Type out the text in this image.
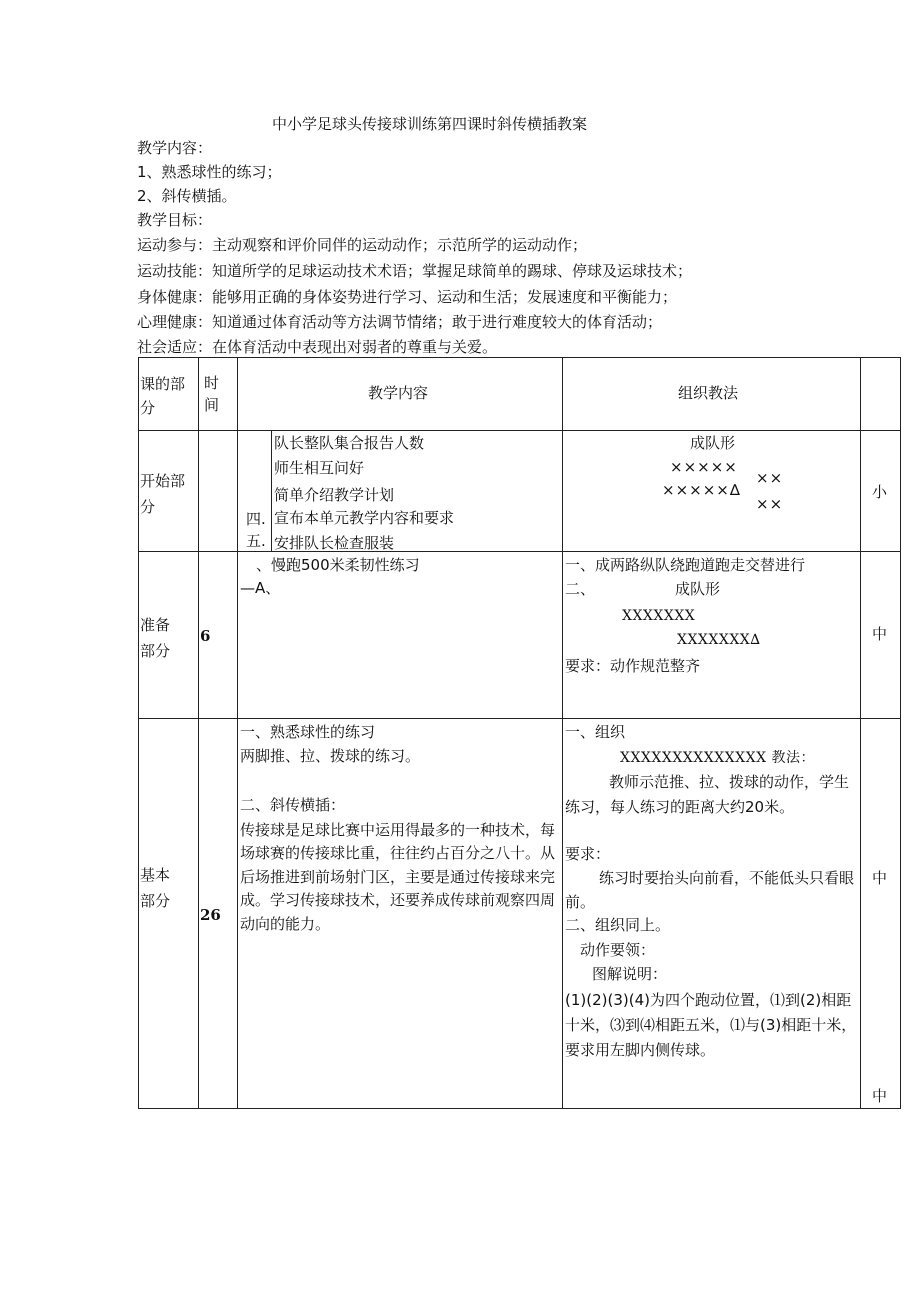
中小学足球头传接球训练第四课时斜传横插教案
教学内容：
1、熟悉球性的练习；
2、斜传横插。
教学目标：
运动参与：主动观察和评价同伴的运动动作；示范所学的运动动作；
运动技能：知道所学的足球运动技术术语；掌握足球简单的踢球、停球及运球技术；
身体健康：能够用正确的身体姿势进行学习、运动和生活；发展速度和平衡能力；
心理健康：知道通过体育活动等方法调节情绪；敢于进行难度较大的体育活动；
社会适应：在体育活动中表现出对弱者的尊重与关爱。
课的部分
时间
教学内容	组织教法
开始部分
四.
五.
队长整队集合报告人数
师生相互问好
简单介绍教学计划
宣布本单元教学内容和要求
安排队长检查服装
成队形
×××××
×××××∆
××
××
小
准备部分
6
、慢跑500米柔韧性练习
—A、
一、成两路纵队绕跑道跑走交替进行
二、	成队形
XXXXXXX
XXXXXXX∆
要求：动作规范整齐
中
基本部分
26
一、熟悉球性的练习
两脚推、拉、拨球的练习。
二、斜传横插：
传接球是足球比赛中运用得最多的一种技术，每场球赛的传接球比重，往往约占百分之八十。从后场推进到前场射门区，主要是通过传接球来完成。学习传接球技术，还要养成传球前观察四周动向的能力。
一、组织
XXXXXXXXXXXXXX 教法：
教师示范推、拉、拨球的动作，学生练习，每人练习的距离大约20米。
要求：
练习时要抬头向前看，不能低头只看眼前。
二、组织同上。
动作要领：
图解说明：
(1)(2)(3)(4)为四个跑动位置，⑴到(2)相距十米，⑶到⑷相距五米，⑴与(3)相距十米，要求用左脚内侧传球。
中
中
